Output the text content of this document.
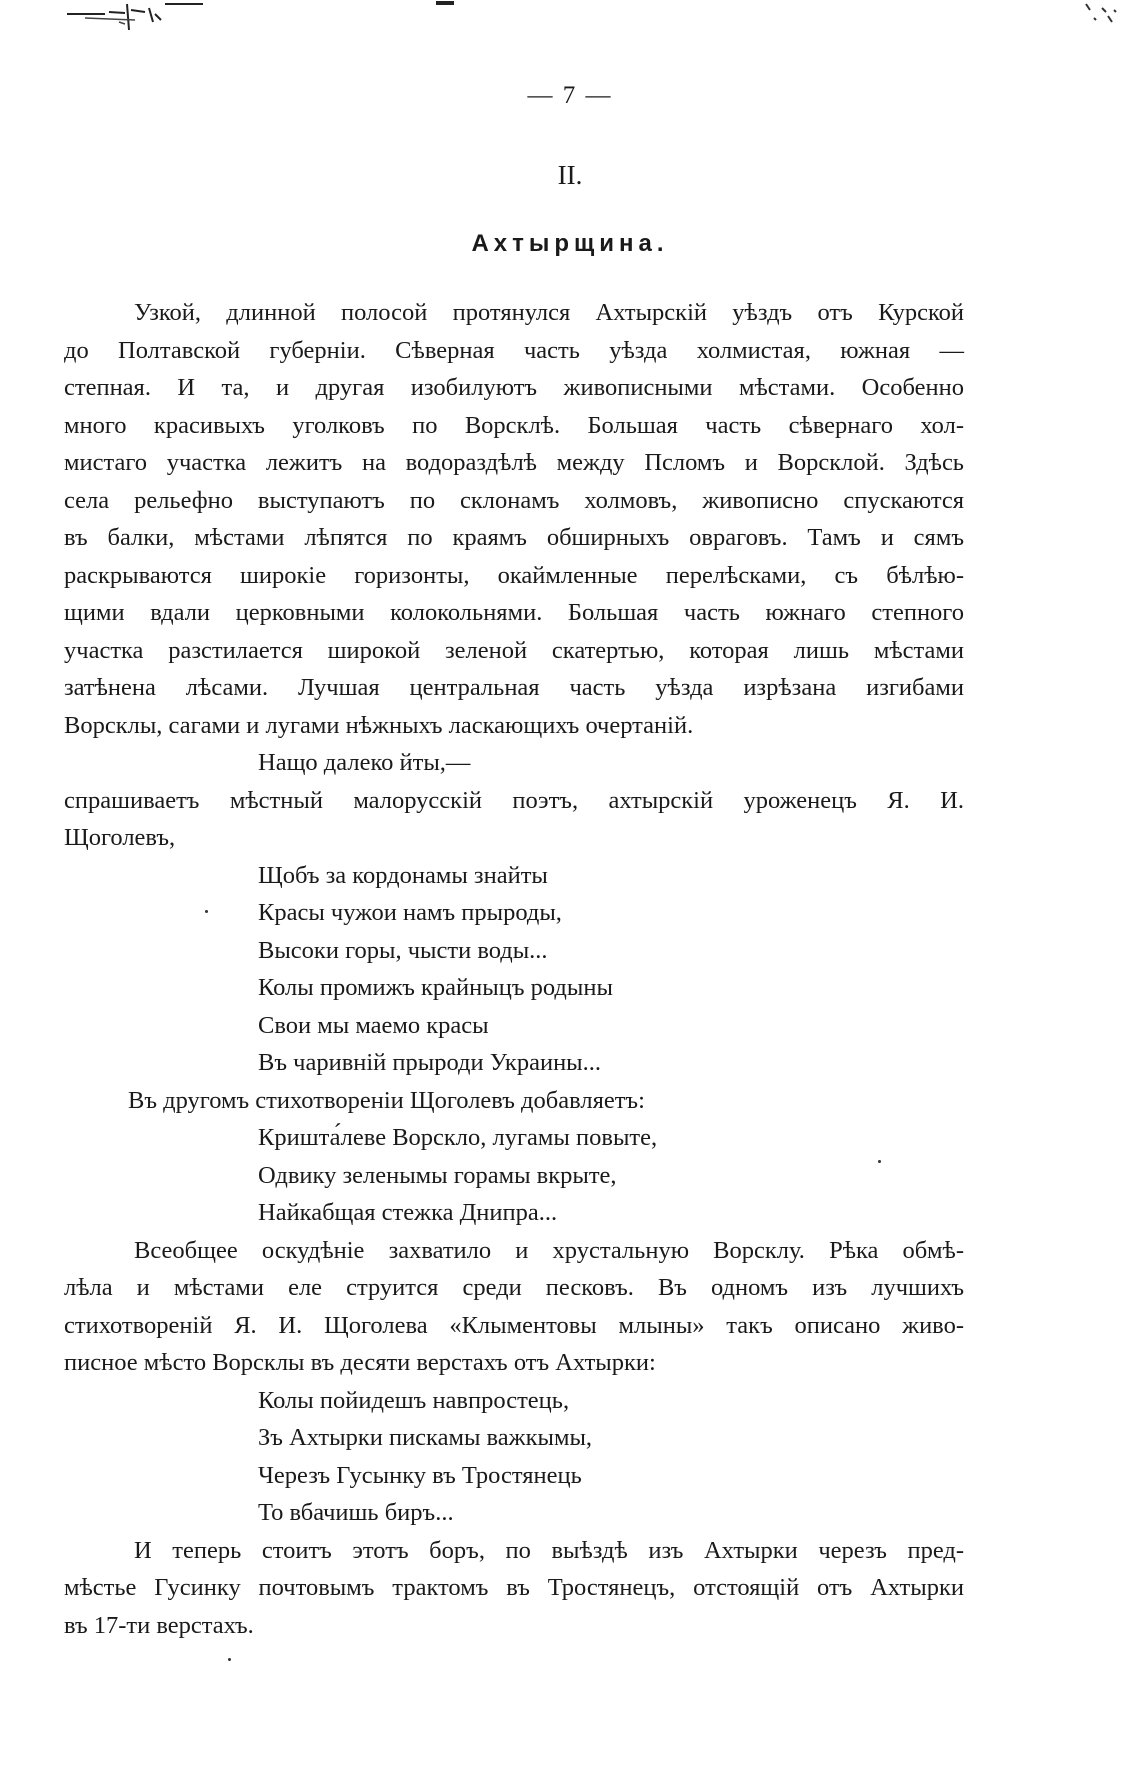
— 7 —
II.
Ахтырщина.
Узкой, длинной полосой протянулся Ахтырскій уѣздъ отъ Курской
до Полтавской губерніи. Сѣверная часть уѣзда холмистая, южная —
степная. И та, и другая изобилуютъ живописными мѣстами. Особенно
много красивыхъ уголковъ по Ворсклѣ. Большая часть сѣвернаго хол-
мистаго участка лежитъ на водораздѣлѣ между Псломъ и Ворсклой. Здѣсь
села рельефно выступаютъ по склонамъ холмовъ, живописно спускаются
въ балки, мѣстами лѣпятся по краямъ обширныхъ овраговъ. Тамъ и сямъ
раскрываются широкіе горизонты, окаймленные перелѣсками, съ бѣлѣю-
щими вдали церковными колокольнями. Большая часть южнаго степного
участка разстилается широкой зеленой скатертью, которая лишь мѣстами
затѣнена лѣсами. Лучшая центральная часть уѣзда изрѣзана изгибами
Ворсклы, сагами и лугами нѣжныхъ ласкающихъ очертаній.
Нащо далеко йты,—
спрашиваетъ мѣстный малорусскій поэтъ, ахтырскій уроженецъ Я. И.
Щоголевъ,
Щобъ за кордонамы знайты
Красы чужои намъ прыроды,
Высоки горы, чысти воды...
Колы промижъ крайныцъ родыны
Свои мы маемо красы
Въ чаривній прыроди Украины...
Въ другомъ стихотвореніи Щоголевъ добавляетъ:
Кришта́леве Ворскло, лугамы повыте,
Одвику зеленымы горамы вкрыте,
Найкабщая стежка Днипра...
Всеобщее оскудѣніе захватило и хрустальную Ворсклу. Рѣка обмѣ-
лѣла и мѣстами еле струится среди песковъ. Въ одномъ изъ лучшихъ
стихотвореній Я. И. Щоголева «Клыментовы млыны» такъ описано живо-
писное мѣсто Ворсклы въ десяти верстахъ отъ Ахтырки:
Колы пойидешъ навпростець,
Зъ Ахтырки пискамы важкымы,
Черезъ Гусынку въ Тростянець
То вбачишь биръ...
И теперь стоитъ этотъ боръ, по выѣздѣ изъ Ахтырки черезъ пред-
мѣстье Гусинку почтовымъ трактомъ въ Тростянецъ, отстоящій отъ Ахтырки
въ 17-ти верстахъ.
